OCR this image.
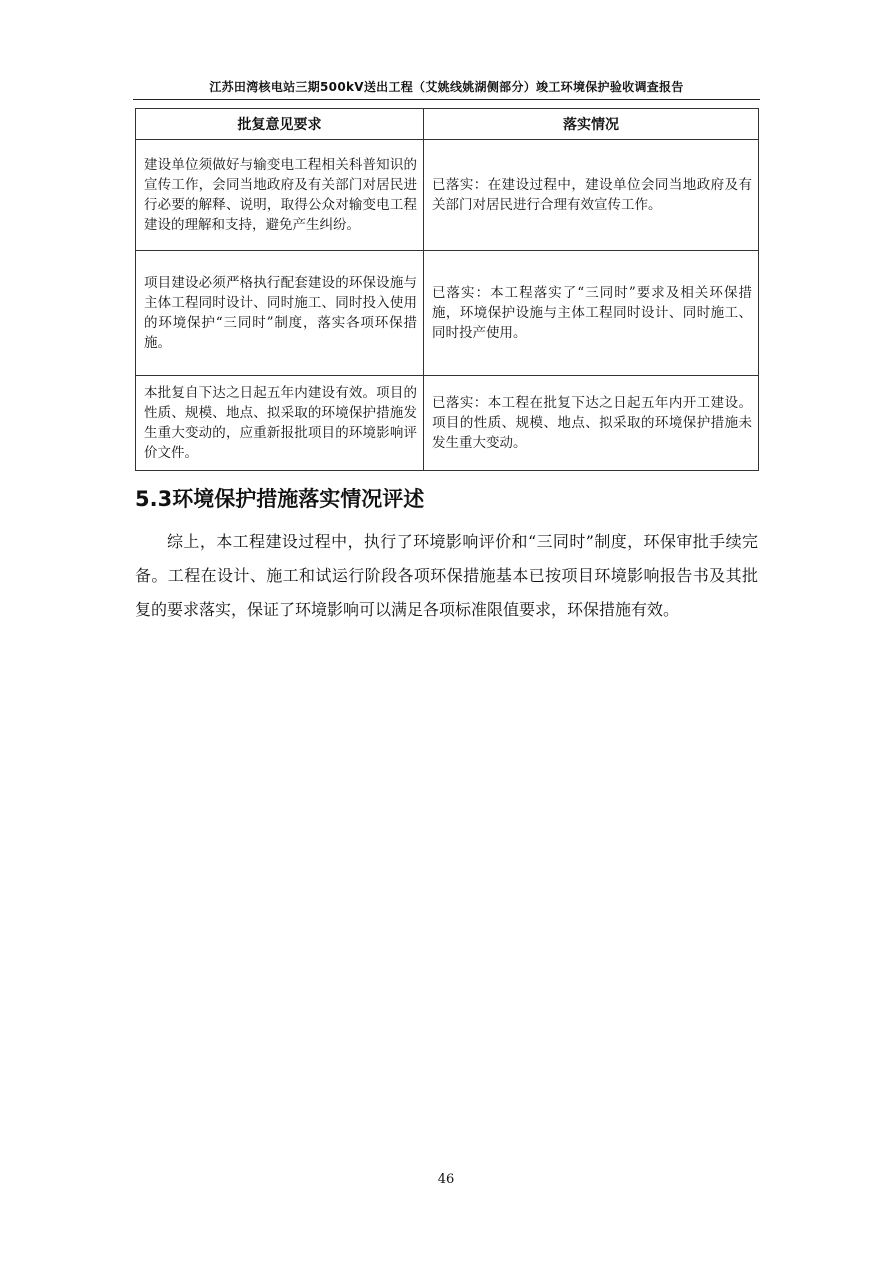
江苏田湾核电站三期500kV送出工程（艾姚线姚湖侧部分）竣工环境保护验收调查报告
批复意见要求	落实情况
建设单位须做好与输变电工程相关科普知识的宣传工作，会同当地政府及有关部门对居民进行必要的解释、说明，取得公众对输变电工程建设的理解和支持，避免产生纠纷。	已落实：在建设过程中，建设单位会同当地政府及有关部门对居民进行合理有效宣传工作。
项目建设必须严格执行配套建设的环保设施与主体工程同时设计、同时施工、同时投入使用的环境保护“三同时”制度，落实各项环保措施。	已落实：本工程落实了“三同时”要求及相关环保措施，环境保护设施与主体工程同时设计、同时施工、同时投产使用。
本批复自下达之日起五年内建设有效。项目的性质、规模、地点、拟采取的环境保护措施发生重大变动的，应重新报批项目的环境影响评价文件。	已落实：本工程在批复下达之日起五年内开工建设。项目的性质、规模、地点、拟采取的环境保护措施未发生重大变动。
5.3环境保护措施落实情况评述

综上，本工程建设过程中，执行了环境影响评价和“三同时”制度，环保审批手续完备。工程在设计、施工和试运行阶段各项环保措施基本已按项目环境影响报告书及其批复的要求落实，保证了环境影响可以满足各项标准限值要求，环保措施有效。

46
